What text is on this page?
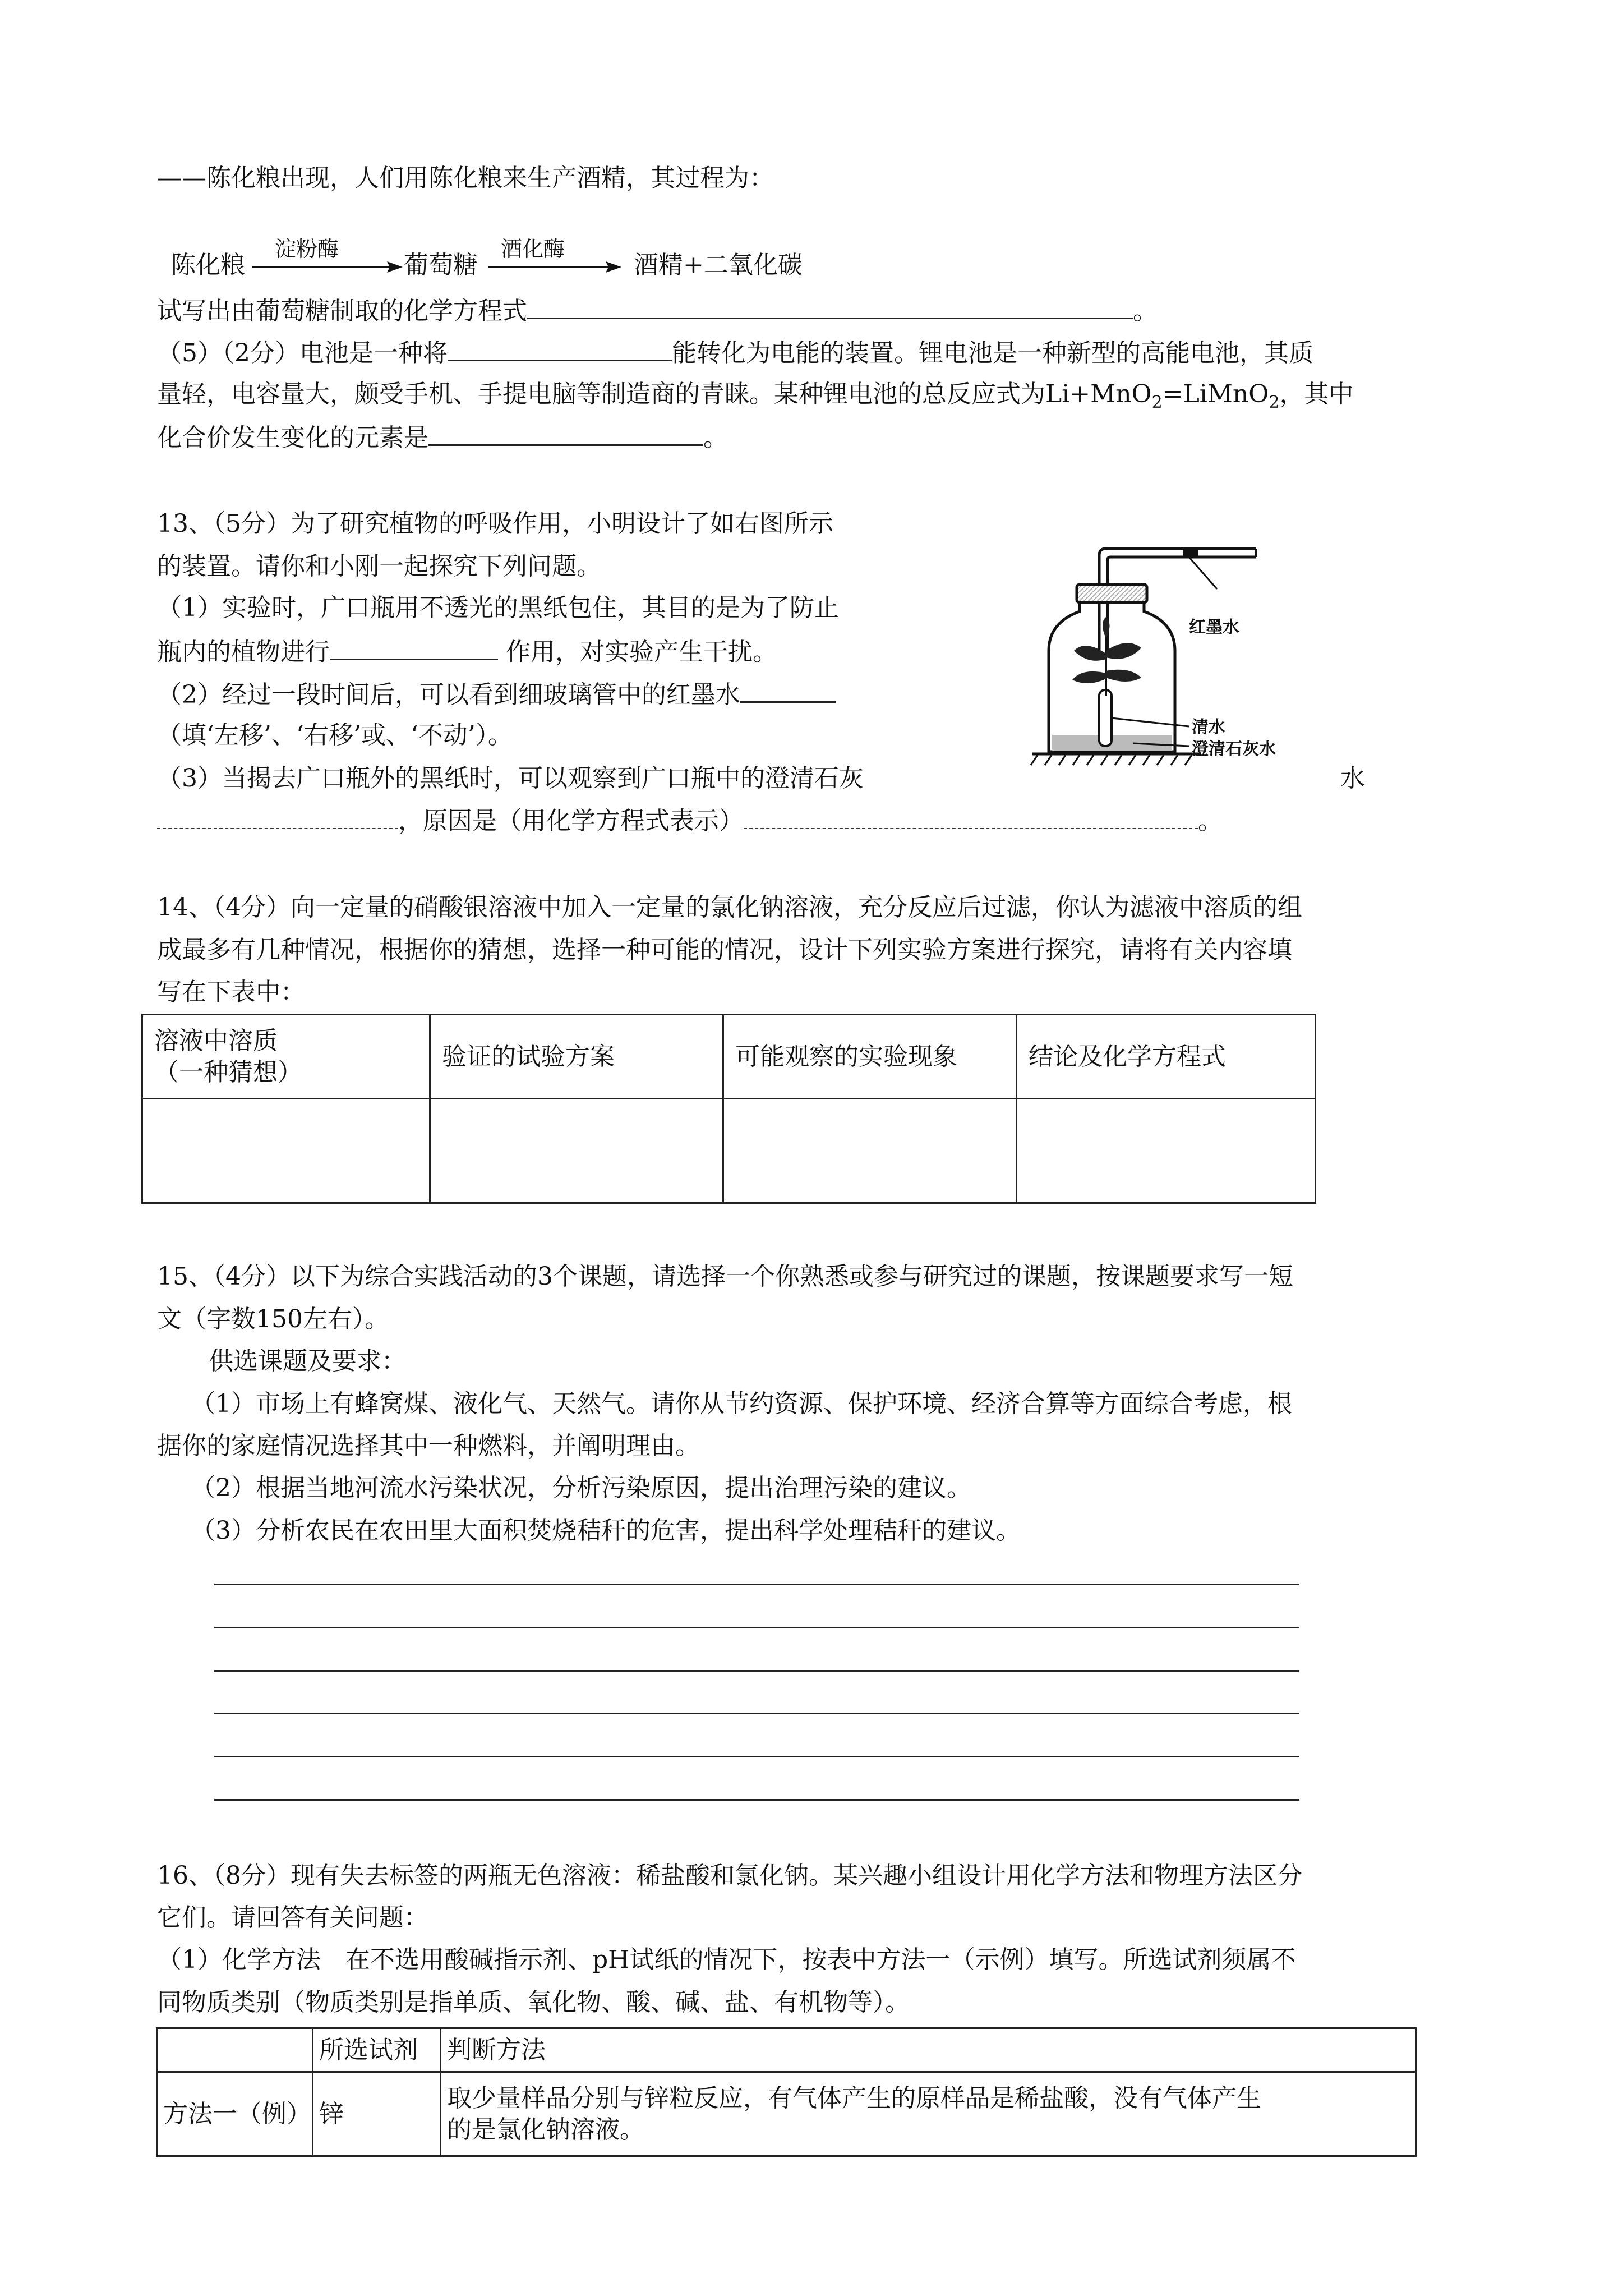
——陈化粮出现，人们用陈化粮来生产酒精，其过程为：
陈化粮
淀粉酶
葡萄糖
酒化酶
酒精+二氧化碳
试写出由葡萄糖制取的化学方程式	。
（5）（2分）电池是一种将	能转化为电能的装置。锂电池是一种新型的高能电池，其质
量轻，电容量大，颇受手机、手提电脑等制造商的青睐。某种锂电池的总反应式为Li+MnO$_2$=LiMnO$_2$，其中
化合价发生变化的元素是	。
13、（5分）为了研究植物的呼吸作用，小明设计了如右图所示
的装置。请你和小刚一起探究下列问题。
（1）实验时，广口瓶用不透光的黑纸包住，其目的是为了防止
瓶内的植物进行	作用，对实验产生干扰。
（2）经过一段时间后，可以看到细玻璃管中的红墨水
（填‘左移’、‘右移’或、‘不动’）。
（3）当揭去广口瓶外的黑纸时，可以观察到广口瓶中的澄清石灰	水
，原因是（用化学方程式表示）	。
红墨水
清水
澄清石灰水
14、（4分）向一定量的硝酸银溶液中加入一定量的氯化钠溶液，充分反应后过滤，你认为滤液中溶质的组
成最多有几种情况，根据你的猜想，选择一种可能的情况，设计下列实验方案进行探究，请将有关内容填
写在下表中：
溶液中溶质
（一种猜想）	验证的试验方案	可能观察的实验现象	结论及化学方程式

15、（4分）以下为综合实践活动的3个课题，请选择一个你熟悉或参与研究过的课题，按课题要求写一短
文（字数150左右）。
供选课题及要求：
（1）市场上有蜂窝煤、液化气、天然气。请你从节约资源、保护环境、经济合算等方面综合考虑，根
据你的家庭情况选择其中一种燃料，并阐明理由。
（2）根据当地河流水污染状况，分析污染原因，提出治理污染的建议。
（3）分析农民在农田里大面积焚烧秸秆的危害，提出科学处理秸秆的建议。
16、（8分）现有失去标签的两瓶无色溶液：稀盐酸和氯化钠。某兴趣小组设计用化学方法和物理方法区分
它们。请回答有关问题：
（1）化学方法　在不选用酸碱指示剂、pH试纸的情况下，按表中方法一（示例）填写。所选试剂须属不
同物质类别（物质类别是指单质、氧化物、酸、碱、盐、有机物等）。
	所选试剂	判断方法
方法一（例）	锌	取少量样品分别与锌粒反应，有气体产生的原样品是稀盐酸，没有气体产生
的是氯化钠溶液。
